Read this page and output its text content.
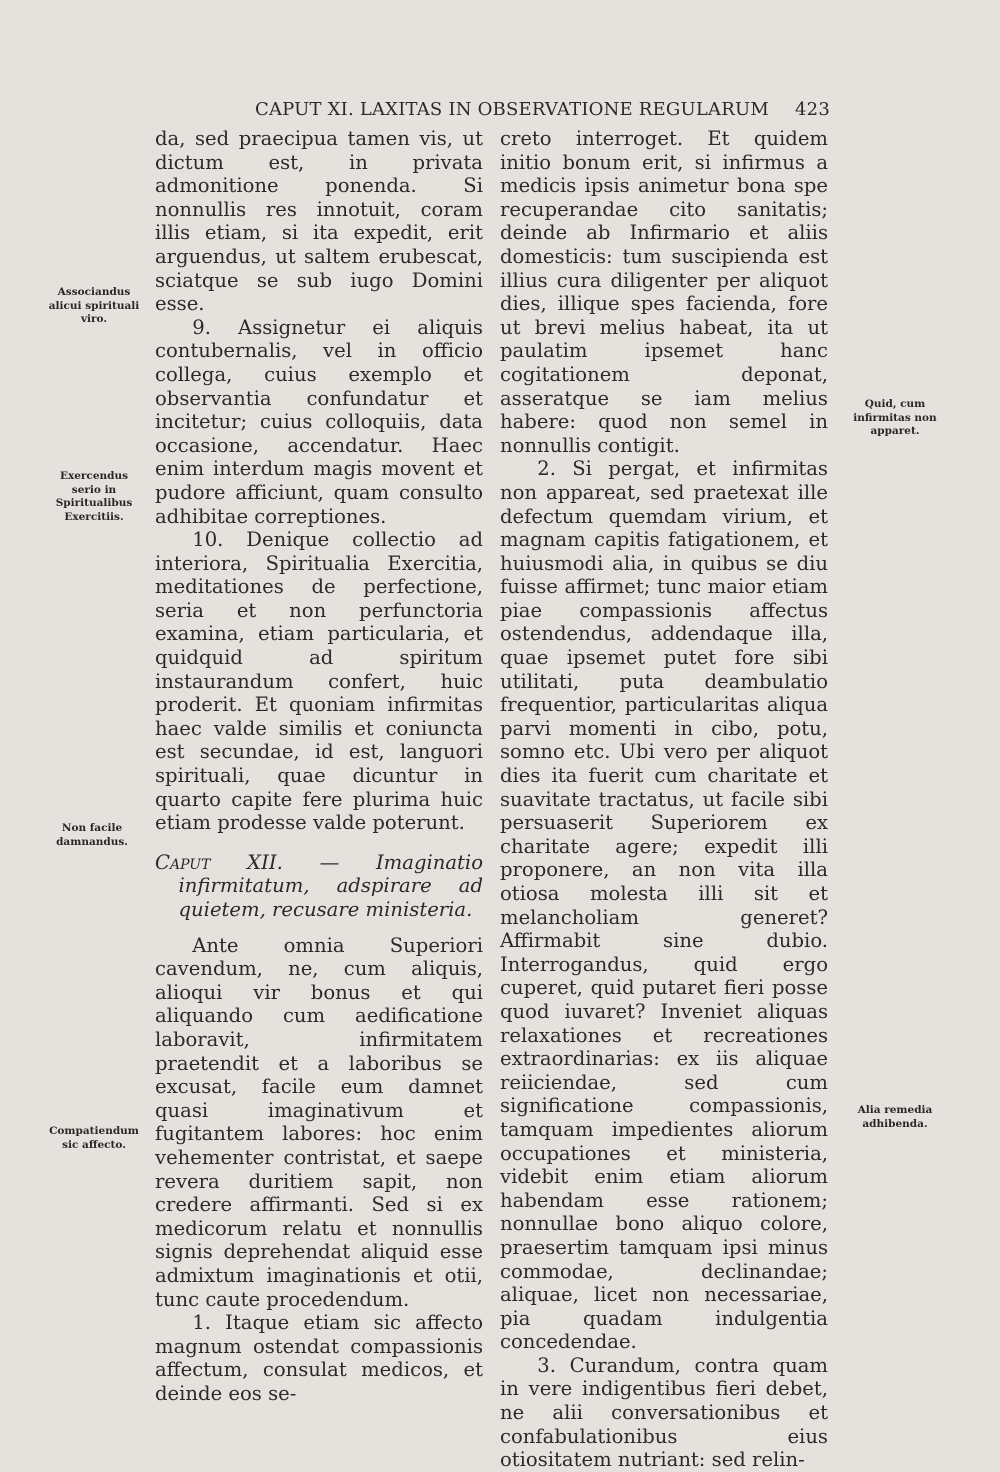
CAPUT XI. LAXITAS IN OBSERVATIONE REGULARUM 423
Associandus alicui spirituali viro.
Exercendus serio in Spiritualibus Exercitiis.
Non facile damnandus.
Compatiendum sic affecto.
Quid, cum infirmitas non apparet.
Alia remedia adhibenda.

da, sed praecipua tamen vis, ut dictum est, in privata admonitione ponenda. Si nonnullis res innotuit, coram illis etiam, si ita expedit, erit arguendus, ut saltem erubescat, sciatque se sub iugo Domini esse.

9. Assignetur ei aliquis contubernalis, vel in officio collega, cuius exemplo et observantia confundatur et incitetur; cuius colloquiis, data occasione, accendatur. Haec enim interdum magis movent et pudore afficiunt, quam consulto adhibitae correptiones.

10. Denique collectio ad interiora, Spiritualia Exercitia, meditationes de perfectione, seria et non perfunctoria examina, etiam particularia, et quidquid ad spiritum instaurandum confert, huic proderit. Et quoniam infirmitas haec valde similis et coniuncta est secundae, id est, languori spirituali, quae dicuntur in quarto capite fere plurima huic etiam prodesse valde poterunt.

Caput XII. — Imaginatio infirmitatum, adspirare ad quietem, recusare ministeria.

Ante omnia Superiori cavendum, ne, cum aliquis, alioqui vir bonus et qui aliquando cum aedificatione laboravit, infirmitatem praetendit et a laboribus se excusat, facile eum damnet quasi imaginativum et fugitantem labores: hoc enim vehementer contristat, et saepe revera duritiem sapit, non credere affirmanti. Sed si ex medicorum relatu et nonnullis signis deprehendat aliquid esse admixtum imaginationis et otii, tunc caute procedendum.

1. Itaque etiam sic affecto magnum ostendat compassionis affectum, consulat medicos, et deinde eos se-

creto interroget. Et quidem initio bonum erit, si infirmus a medicis ipsis animetur bona spe recuperandae cito sanitatis; deinde ab Infirmario et aliis domesticis: tum suscipienda est illius cura diligenter per aliquot dies, illique spes facienda, fore ut brevi melius habeat, ita ut paulatim ipsemet hanc cogitationem deponat, asseratque se iam melius habere: quod non semel in nonnullis contigit.

2. Si pergat, et infirmitas non appareat, sed praetexat ille defectum quemdam virium, et magnam capitis fatigationem, et huiusmodi alia, in quibus se diu fuisse affirmet; tunc maior etiam piae compassionis affectus ostendendus, addendaque illa, quae ipsemet putet fore sibi utilitati, puta deambulatio frequentior, particularitas aliqua parvi momenti in cibo, potu, somno etc. Ubi vero per aliquot dies ita fuerit cum charitate et suavitate tractatus, ut facile sibi persuaserit Superiorem ex charitate agere; expedit illi proponere, an non vita illa otiosa molesta illi sit et melancholiam generet? Affirmabit sine dubio. Interrogandus, quid ergo cuperet, quid putaret fieri posse quod iuvaret? Inveniet aliquas relaxationes et recreationes extraordinarias: ex iis aliquae reiiciendae, sed cum significatione compassionis, tamquam impedientes aliorum occupationes et ministeria, videbit enim etiam aliorum habendam esse rationem; nonnullae bono aliquo colore, praesertim tamquam ipsi minus commodae, declinandae; aliquae, licet non necessariae, pia quadam indulgentia concedendae.

3. Curandum, contra quam in vere indigentibus fieri debet, ne alii conversationibus et confabulationibus eius otiositatem nutriant: sed relin-
